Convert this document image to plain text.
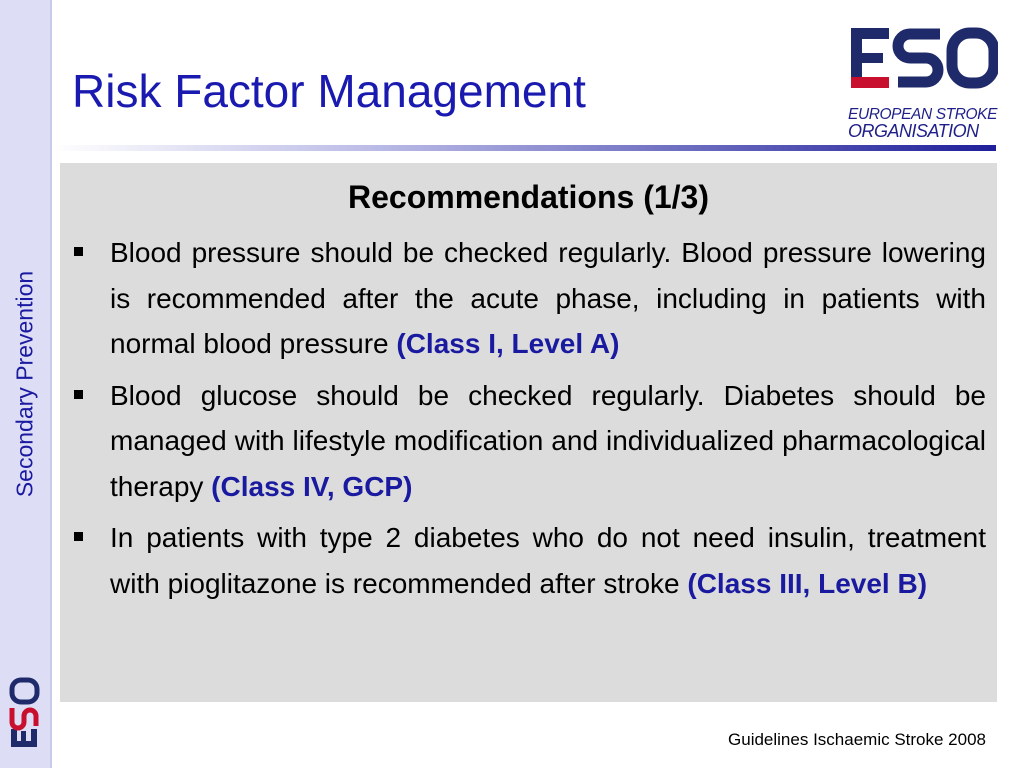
Secondary Prevention
Risk Factor Management	EUROPEAN STROKE
ORGANISATION
Recommendations (1/3)
Blood pressure should be checked regularly. Blood pressure lowering is recommended after the acute phase, including in patients with normal blood pressure (Class I, Level A)
Blood glucose should be checked regularly. Diabetes should be managed with lifestyle modification and individualized pharmacological therapy (Class IV, GCP)
In patients with type 2 diabetes who do not need insulin, treatment with pioglitazone is recommended after stroke (Class III, Level B)
Guidelines Ischaemic Stroke 2008
